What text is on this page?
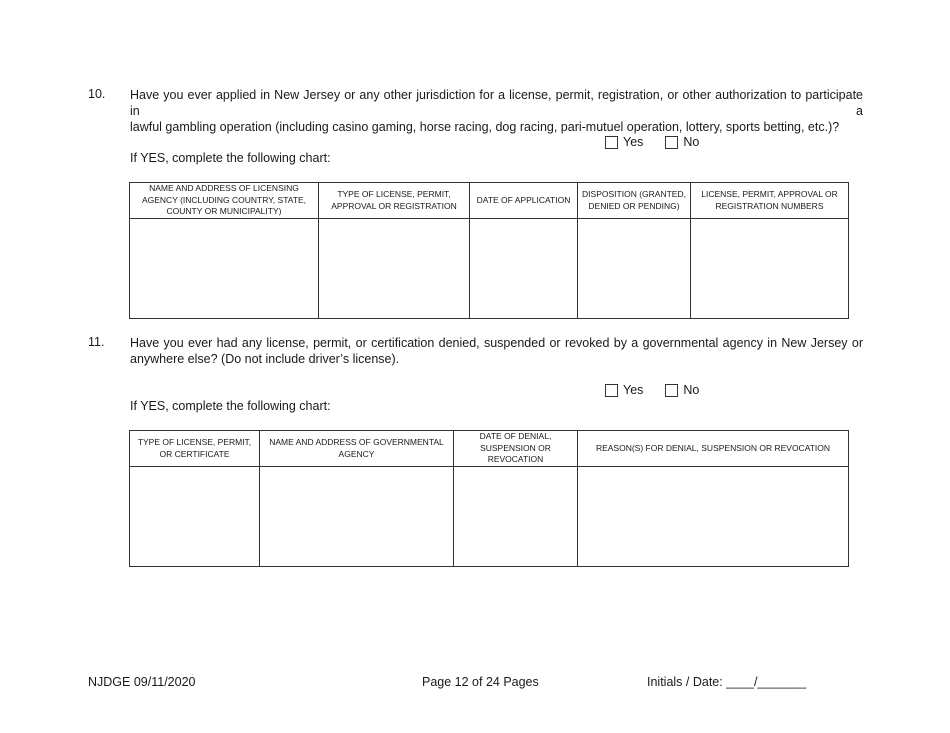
10. Have you ever applied in New Jersey or any other jurisdiction for a license, permit, registration, or other authorization to participate in a
lawful gambling operation (including casino gaming, horse racing, dog racing, pari-mutuel operation, lottery, sports betting, etc.)?
Yes	No
If YES, complete the following chart:
NAME AND ADDRESS OF LICENSING AGENCY (INCLUDING COUNTRY, STATE, COUNTY OR MUNICIPALITY)	TYPE OF LICENSE, PERMIT, APPROVAL OR REGISTRATION	DATE OF APPLICATION	DISPOSITION (GRANTED, DENIED OR PENDING)	LICENSE, PERMIT, APPROVAL OR REGISTRATION NUMBERS

11. Have you ever had any license, permit, or certification denied, suspended or revoked by a governmental agency in New Jersey or
anywhere else? (Do not include driver’s license).
Yes	No
If YES, complete the following chart:
TYPE OF LICENSE, PERMIT, OR CERTIFICATE	NAME AND ADDRESS OF GOVERNMENTAL AGENCY	DATE OF DENIAL, SUSPENSION OR REVOCATION	REASON(S) FOR DENIAL, SUSPENSION OR REVOCATION

NJDGE 09/11/2020	Page 12 of 24 Pages	Initials / Date: ____/_______
